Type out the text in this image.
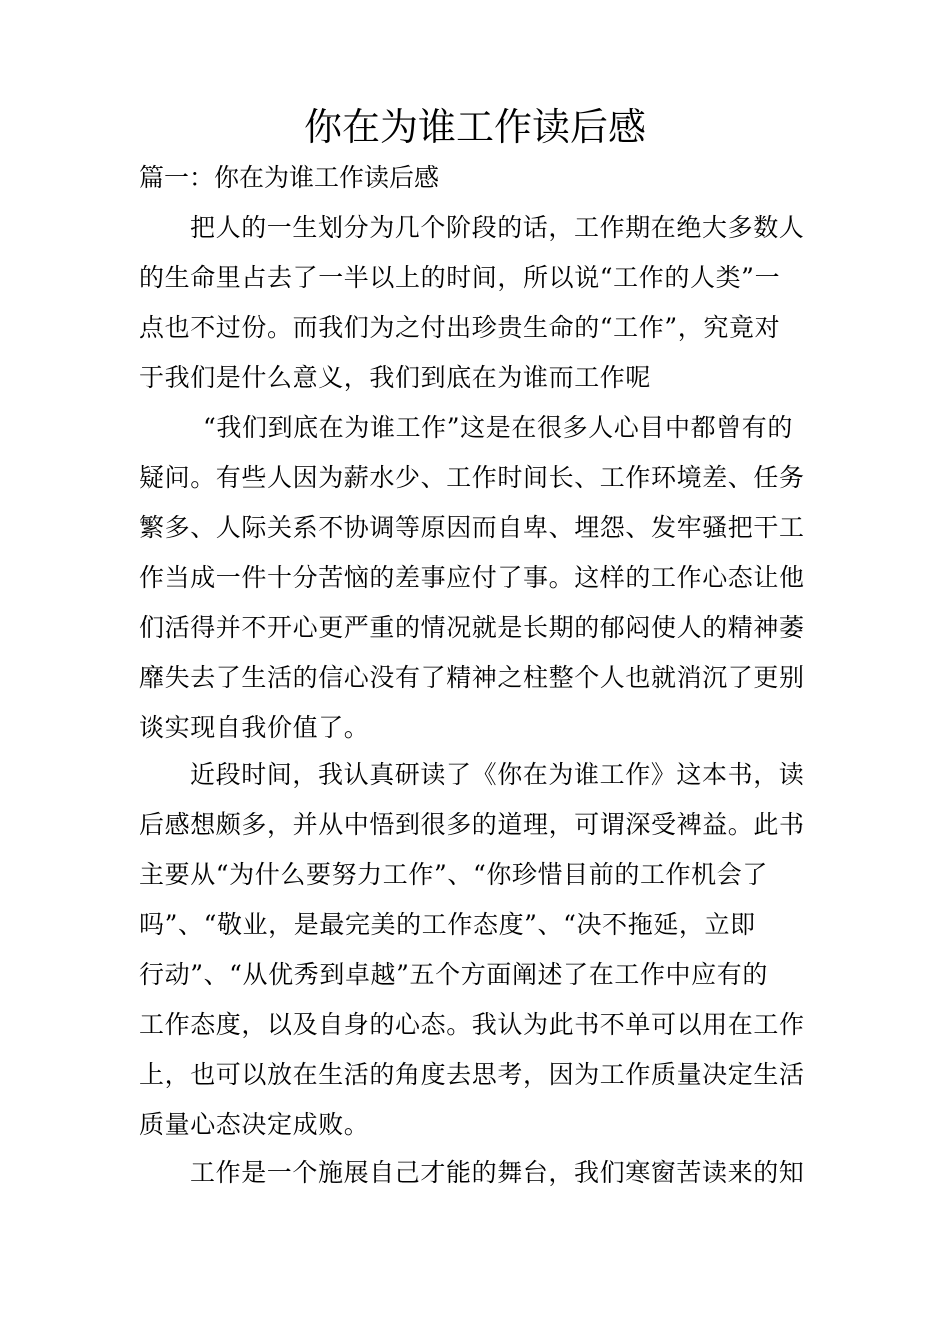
你在为谁工作读后感
篇一：你在为谁工作读后感
把人的一生划分为几个阶段的话，工作期在绝大多数人
的生命里占去了一半以上的时间，所以说“工作的人类”一
点也不过份。而我们为之付出珍贵生命的“工作”，究竟对
于我们是什么意义，我们到底在为谁而工作呢
“我们到底在为谁工作”这是在很多人心目中都曾有的
疑问。有些人因为薪水少、工作时间长、工作环境差、任务
繁多、人际关系不协调等原因而自卑、埋怨、发牢骚把干工
作当成一件十分苦恼的差事应付了事。这样的工作心态让他
们活得并不开心更严重的情况就是长期的郁闷使人的精神萎
靡失去了生活的信心没有了精神之柱整个人也就消沉了更别
谈实现自我价值了。
近段时间，我认真研读了《你在为谁工作》这本书，读
后感想颇多，并从中悟到很多的道理，可谓深受裨益。此书
主要从“为什么要努力工作”、“你珍惜目前的工作机会了
吗”、“敬业，是最完美的工作态度”、“决不拖延，立即
行动”、“从优秀到卓越”五个方面阐述了在工作中应有的
工作态度，以及自身的心态。我认为此书不单可以用在工作
上，也可以放在生活的角度去思考，因为工作质量决定生活
质量心态决定成败。
工作是一个施展自己才能的舞台，我们寒窗苦读来的知
